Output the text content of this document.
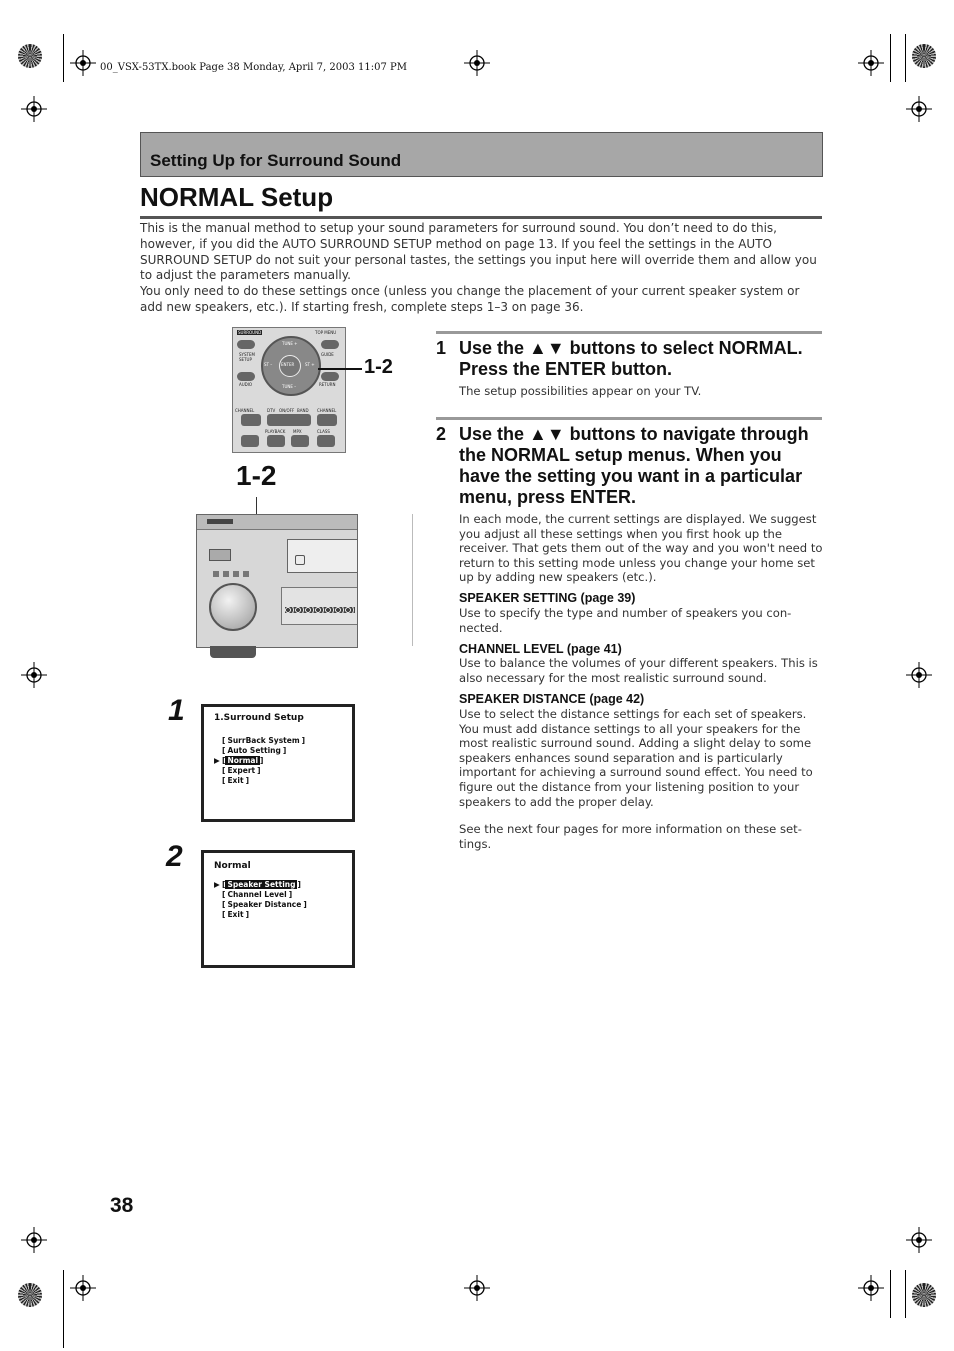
00_VSX-53TX.book Page 38 Monday, April 7, 2003 11:07 PM
Setting Up for Surround Sound
NORMAL Setup

This is the manual method to setup your sound parameters for surround sound. You don’t need to do this, however, if you did the AUTO SURROUND SETUP method on page 13. If you feel the settings in the AUTO SURROUND SETUP do not suit your personal tastes, the settings you input here will override them and allow you to adjust the parameters manually.

You only need to do these settings once (unless you change the placement of your current speaker system or add new speakers, etc.). If starting fresh, complete steps 1–3 on page 36.

SURROUND	TOP MENU
SYSTEM SETUP
GUIDE
AUDIO	RETURN
ENTER
TUNE +
TUNE –
ST –	ST +
CHANNEL	DTV ON/OFF BAND CHANNEL
PLAYBACK MPX	CLASS
1-2
1-2
1	1.Surround Setup
[ SurrBack System ]
[ Auto Setting ]
▶ [ Normal ]
[ Expert ]
[ Exit ]
2	Normal
▶ [ Speaker Setting ]
[ Channel Level ]
[ Speaker Distance ]
[ Exit ]
1 Use the ▲▼ buttons to select NORMAL. Press the ENTER button.
The setup possibilities appear on your TV.
2 Use the ▲▼ buttons to navigate through the NORMAL setup menus. When you have the setting you want in a particular menu, press ENTER.
In each mode, the current settings are displayed. We suggest you adjust all these settings when you first hook up the receiver. That gets them out of the way and you won't need to return to this setting mode unless you change your home set up by adding new speakers (etc.).
SPEAKER SETTING (page 39)
Use to specify the type and number of speakers you con-nected.
CHANNEL LEVEL (page 41)
Use to balance the volumes of your different speakers. This is also necessary for the most realistic surround sound.
SPEAKER DISTANCE (page 42)
Use to select the distance settings for each set of speakers. You must add distance settings to all your speakers for the most realistic surround sound. Adding a slight delay to some speakers enhances sound separation and is particularly important for achieving a surround sound effect. You need to figure out the distance from your listening position to your speakers to add the proper delay.
See the next four pages for more information on these set-tings.
38
